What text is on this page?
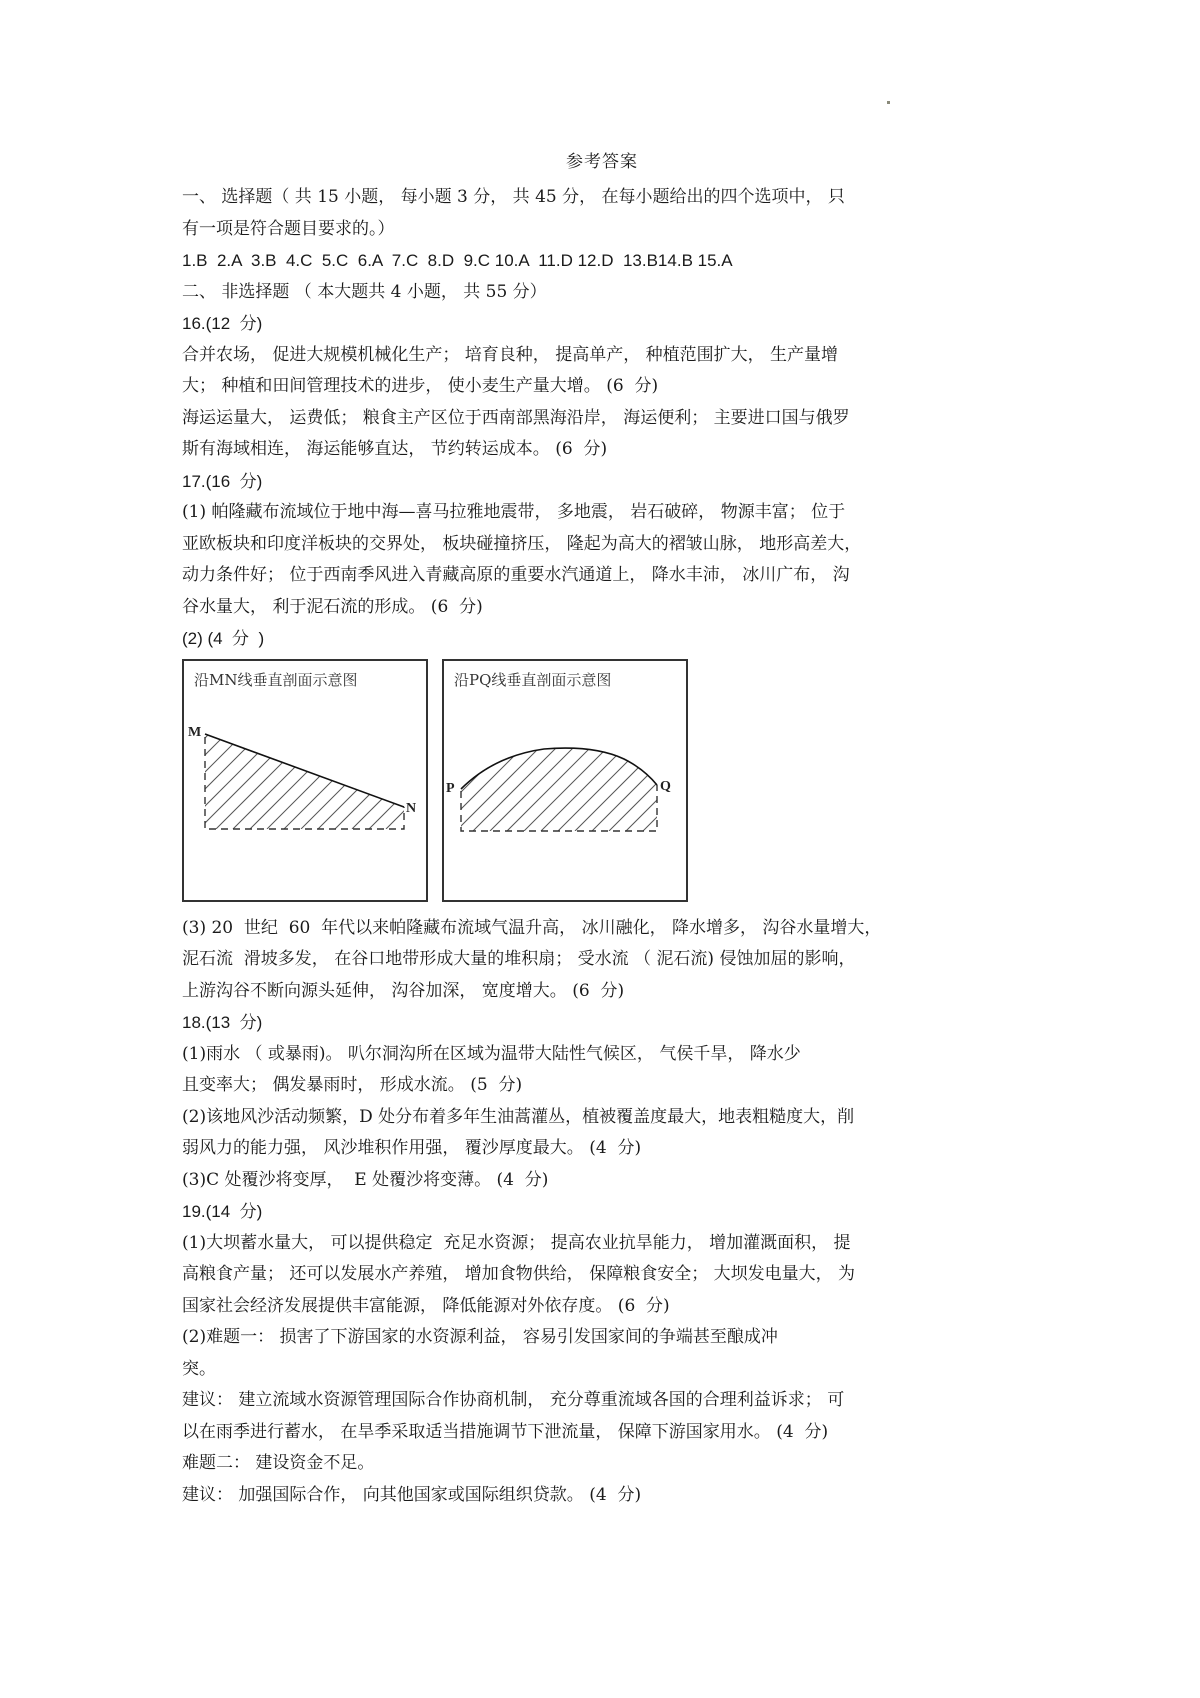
参考答案
一、 选择题（ 共 15 小题， 每小题 3 分， 共 45 分， 在每小题给出的四个选项中， 只
有一项是符合题目要求的。）
1.B  2.A  3.B  4.C  5.C  6.A  7.C  8.D  9.C 10.A  11.D 12.D  13.B14.B 15.A
二、 非选择题 （ 本大题共 4 小题， 共 55 分）
16.(12  分)
合并农场， 促进大规模机械化生产； 培育良种， 提高单产， 种植范围扩大， 生产量增
大； 种植和田间管理技术的进步， 使小麦生产量大增。 (6  分)
海运运量大， 运费低； 粮食主产区位于西南部黑海沿岸， 海运便利； 主要进口国与俄罗
斯有海域相连， 海运能够直达， 节约转运成本。 (6  分)
17.(16  分)
(1) 帕隆藏布流域位于地中海—喜马拉雅地震带， 多地震， 岩石破碎， 物源丰富； 位于
亚欧板块和印度洋板块的交界处， 板块碰撞挤压， 隆起为高大的褶皱山脉， 地形高差大，
动力条件好； 位于西南季风进入青藏高原的重要水汽通道上， 降水丰沛， 冰川广布， 沟
谷水量大， 利于泥石流的形成。 (6  分)
(2) (4  分  )
沿MN线垂直剖面示意图
M
N
沿PQ线垂直剖面示意图
P	Q
(3) 20  世纪  60  年代以来帕隆藏布流域气温升高， 冰川融化， 降水增多， 沟谷水量增大，
泥石流  滑坡多发， 在谷口地带形成大量的堆积扇； 受水流 （ 泥石流) 侵蚀加屈的影响，
上游沟谷不断向源头延伸， 沟谷加深， 宽度增大。 (6  分)
18.(13  分)
(1)雨水 （ 或暴雨)。 叭尔洞沟所在区域为温带大陆性气候区， 气侯千旱， 降水少
且变率大； 偶发暴雨时， 形成水流。 (5  分)
(2)该地风沙活动频繁，D 处分布着多年生油蒿灌丛，植被覆盖度最大，地表粗糙度大，削
弱风力的能力强， 风沙堆积作用强， 覆沙厚度最大。 (4  分)
(3)C 处覆沙将变厚，  E 处覆沙将变薄。 (4  分)
19.(14  分)
(1)大坝蓄水量大， 可以提供稳定  充足水资源； 提高农业抗旱能力， 增加灌溉面积， 提
高粮食产量； 还可以发展水产养殖， 增加食物供给， 保障粮食安全； 大坝发电量大， 为
国家社会经济发展提供丰富能源， 降低能源对外依存度。 (6  分)
(2)难题一： 损害了下游国家的水资源利益， 容易引发国家间的争端甚至酿成冲
突。
建议： 建立流域水资源管理国际合作协商机制， 充分尊重流域各国的合理利益诉求； 可
以在雨季进行蓄水， 在旱季采取适当措施调节下泄流量， 保障下游国家用水。 (4  分)
难题二： 建设资金不足。
建议： 加强国际合作， 向其他国家或国际组织贷款。 (4  分)
